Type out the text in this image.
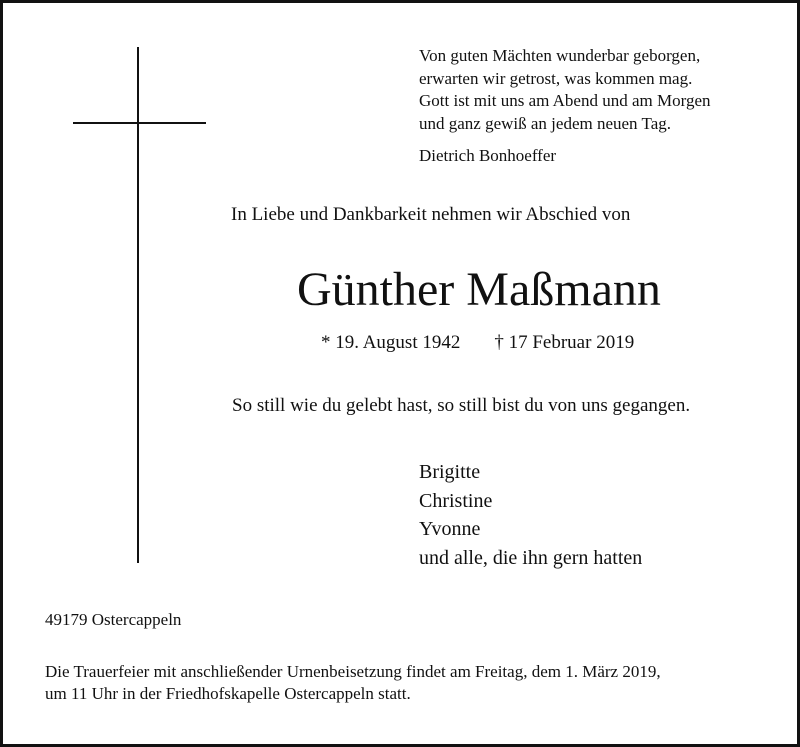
Von guten Mächten wunderbar geborgen,
erwarten wir getrost, was kommen mag.
Gott ist mit uns am Abend und am Morgen
und ganz gewiß an jedem neuen Tag.
Dietrich Bonhoeffer
In Liebe und Dankbarkeit nehmen wir Abschied von
Günther Maßmann
* 19. August 1942 † 17 Februar 2019
So still wie du gelebt hast, so still bist du von uns gegangen.
Brigitte
Christine
Yvonne
und alle, die ihn gern hatten
49179 Ostercappeln
Die Trauerfeier mit anschließender Urnenbeisetzung findet am Freitag, dem 1. März 2019,
um 11 Uhr in der Friedhofskapelle Ostercappeln statt.
